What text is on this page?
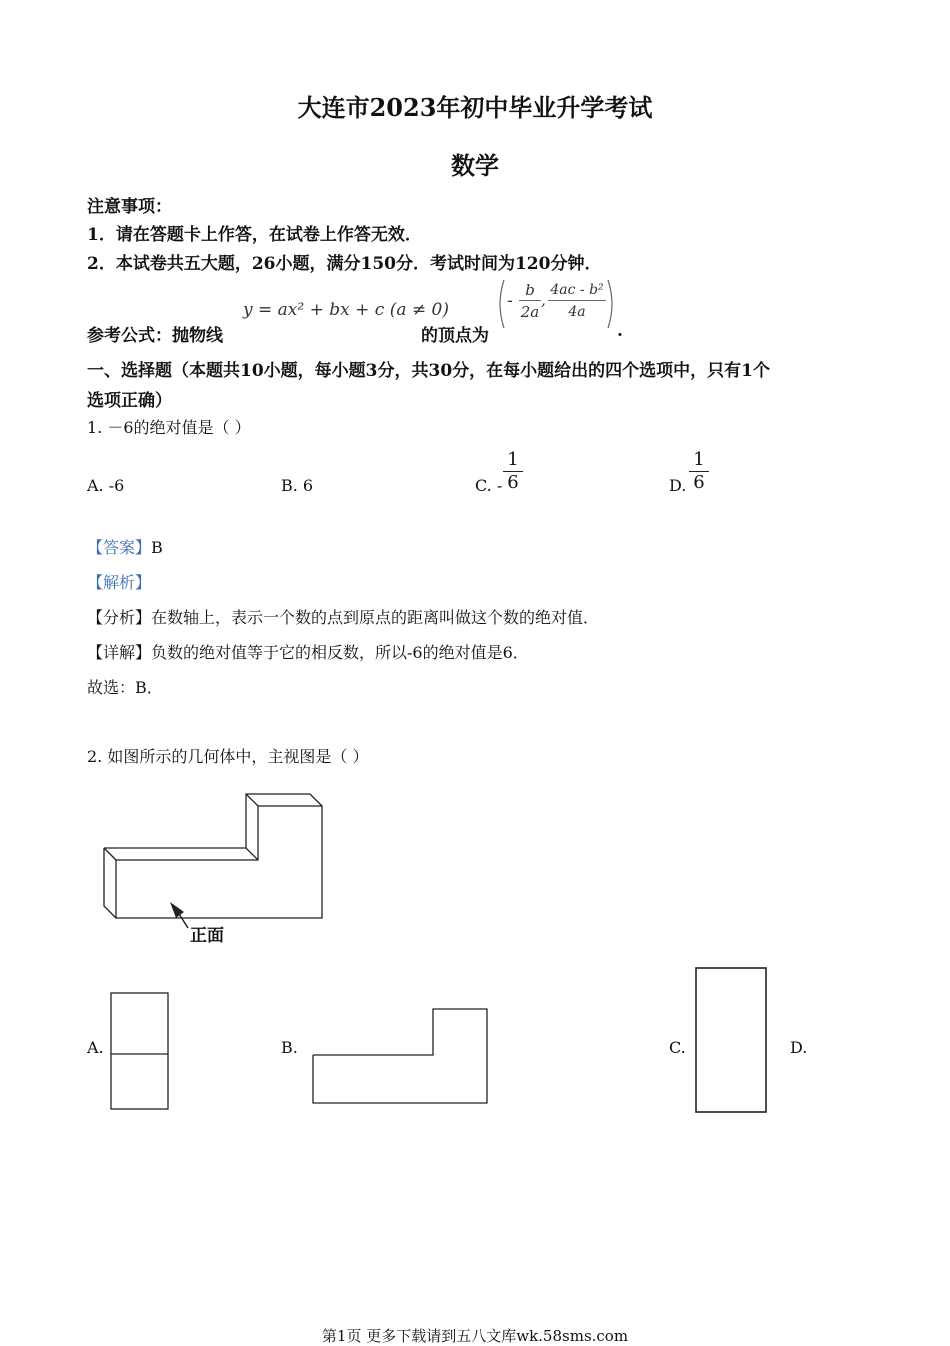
大连市2023年初中毕业升学考试
数学
注意事项：
1．请在答题卡上作答，在试卷上作答无效．
2．本试卷共五大题，26小题，满分150分．考试时间为120分钟．
参考公式：抛物线
y = ax² + bx + c (a ≠ 0)
的顶点为
-
b
2a
,
4ac - b²
4a
.
一、选择题（本题共10小题，每小题3分，共30分，在每小题给出的四个选项中，只有1个
选项正确）
1. －6的绝对值是（ ）
A. -6	B. 6	C. -
1
6	D.
1
6
【答案】B
【解析】
【分析】在数轴上，表示一个数的点到原点的距离叫做这个数的绝对值．
【详解】负数的绝对值等于它的相反数，所以-6的绝对值是6．
故选：B．
2. 如图所示的几何体中，主视图是（ ）
正面
A.	B.	C.	D.
第1页 更多下载请到五八文库wk.58sms.com
